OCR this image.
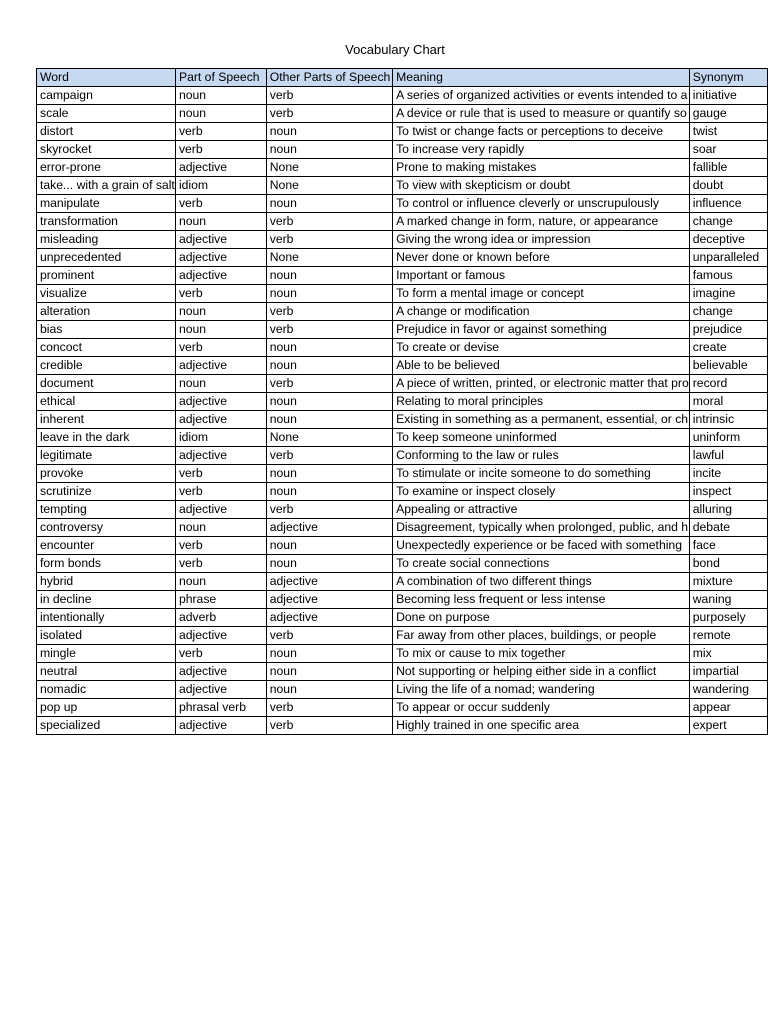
Vocabulary Chart
Word	Part of Speech	Other Parts of Speech	Meaning	Synonym
campaign	noun	verb	A series of organized activities or events intended to a	initiative
scale	noun	verb	A device or rule that is used to measure or quantify so	gauge
distort	verb	noun	To twist or change facts or perceptions to deceive	twist
skyrocket	verb	noun	To increase very rapidly	soar
error-prone	adjective	None	Prone to making mistakes	fallible
take... with a grain of salt	idiom	None	To view with skepticism or doubt	doubt
manipulate	verb	noun	To control or influence cleverly or unscrupulously	influence
transformation	noun	verb	A marked change in form, nature, or appearance	change
misleading	adjective	verb	Giving the wrong idea or impression	deceptive
unprecedented	adjective	None	Never done or known before	unparalleled
prominent	adjective	noun	Important or famous	famous
visualize	verb	noun	To form a mental image or concept	imagine
alteration	noun	verb	A change or modification	change
bias	noun	verb	Prejudice in favor or against something	prejudice
concoct	verb	noun	To create or devise	create
credible	adjective	noun	Able to be believed	believable
document	noun	verb	A piece of written, printed, or electronic matter that pro	record
ethical	adjective	noun	Relating to moral principles	moral
inherent	adjective	noun	Existing in something as a permanent, essential, or ch	intrinsic
leave in the dark	idiom	None	To keep someone uninformed	uninform
legitimate	adjective	verb	Conforming to the law or rules	lawful
provoke	verb	noun	To stimulate or incite someone to do something	incite
scrutinize	verb	noun	To examine or inspect closely	inspect
tempting	adjective	verb	Appealing or attractive	alluring
controversy	noun	adjective	Disagreement, typically when prolonged, public, and h	debate
encounter	verb	noun	Unexpectedly experience or be faced with something	face
form bonds	verb	noun	To create social connections	bond
hybrid	noun	adjective	A combination of two different things	mixture
in decline	phrase	adjective	Becoming less frequent or less intense	waning
intentionally	adverb	adjective	Done on purpose	purposely
isolated	adjective	verb	Far away from other places, buildings, or people	remote
mingle	verb	noun	To mix or cause to mix together	mix
neutral	adjective	noun	Not supporting or helping either side in a conflict	impartial
nomadic	adjective	noun	Living the life of a nomad; wandering	wandering
pop up	phrasal verb	verb	To appear or occur suddenly	appear
specialized	adjective	verb	Highly trained in one specific area	expert
